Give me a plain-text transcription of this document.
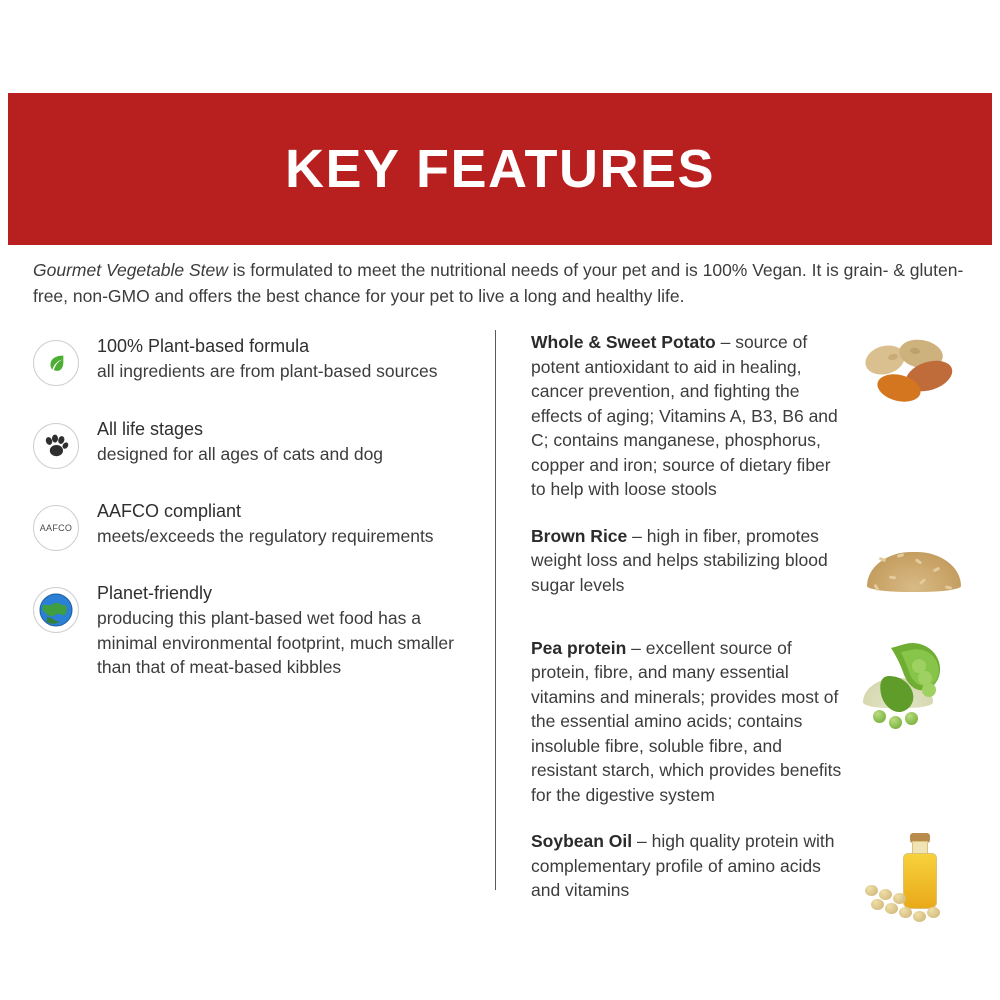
KEY FEATURES
Gourmet Vegetable Stew is formulated to meet the nutritional needs of your pet and is 100% Vegan. It is grain- & gluten-free, non-GMO and offers the best chance for your pet to live a long and healthy life.
100% Plant-based formula
all ingredients are from plant-based sources
All life stages
designed for all ages of cats and dog
AAFCO
AAFCO compliant
meets/exceeds the regulatory requirements
Planet-friendly
producing this plant-based wet food has a minimal environmental footprint, much smaller than that of meat-based kibbles
Whole & Sweet Potato – source of potent antioxidant to aid in healing, cancer prevention, and fighting the effects of aging; Vitamins A, B3, B6 and C; contains manganese, phosphorus, copper and iron; source of dietary fiber to help with loose stools
Brown Rice – high in fiber, promotes weight loss and helps stabilizing blood sugar levels
Pea protein – excellent source of protein, fibre, and many essential vitamins and minerals; provides most of the essential amino acids; contains insoluble fibre, soluble fibre, and resistant starch, which provides benefits for the digestive system
Soybean Oil – high quality protein with complementary profile of amino acids and vitamins
